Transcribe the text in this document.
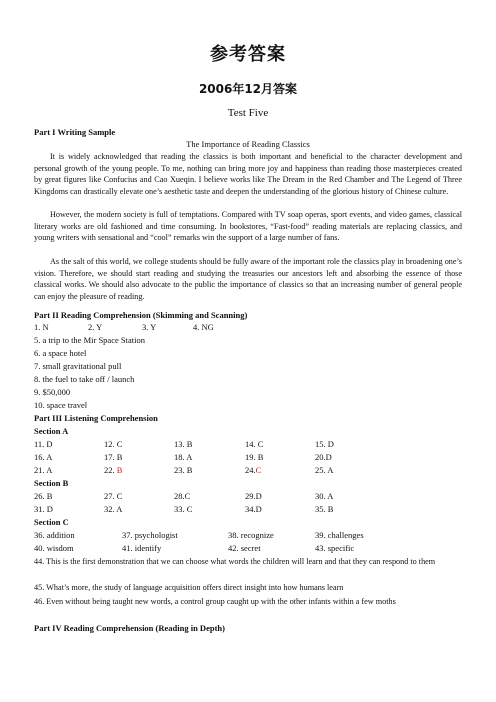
参考答案
2006年12月答案
Test Five
Part I Writing Sample
The Importance of Reading Classics
It is widely acknowledged that reading the classics is both important and beneficial to the character development and personal growth of the young people. To me, nothing can bring more joy and happiness than reading those masterpieces created by great figures like Confucius and Cao Xueqin. I believe works like The Dream in the Red Chamber and The Legend of Three Kingdoms can drastically elevate one’s aesthetic taste and deepen the understanding of the glorious history of Chinese culture.
However, the modern society is full of temptations. Compared with TV soap operas, sport events, and video games, classical literary works are old fashioned and time consuming. In bookstores, “Fast-food” reading materials are replacing classics, and young writers with sensational and “cool” remarks win the support of a large number of fans.
As the salt of this world, we college students should be fully aware of the important role the classics play in broadening one’s vision. Therefore, we should start reading and studying the treasuries our ancestors left and absorbing the essence of those classical works. We should also advocate to the public the importance of classics so that an increasing number of general people can enjoy the pleasure of reading.
Part II Reading Comprehension (Skimming and Scanning)
1. N	2. Y	3. Y	4. NG
5. a trip to the Mir Space Station
6. a space hotel
7. small gravitational pull
8. the fuel to take off / launch
9. $50,000
10. space travel
Part III Listening Comprehension
Section A
11. D	12. C	13. B	14. C	15. D
16. A	17. B	18. A	19. B	20.D
21. A	22. B	23. B	24.C	25. A
Section B
26. B	27. C	28.C	29.D	30. A
31. D	32. A	33. C	34.D	35. B
Section C
36. addition	37. psychologist	38. recognize	39. challenges
40. wisdom	41. identify	42. secret	43. specific
44. This is the first demonstration that we can choose what words the children will learn and that they can respond to them
45. What’s more, the study of language acquisition offers direct insight into how humans learn
46. Even without being taught new words, a control group caught up with the other infants within a few moths
Part IV Reading Comprehension (Reading in Depth)
